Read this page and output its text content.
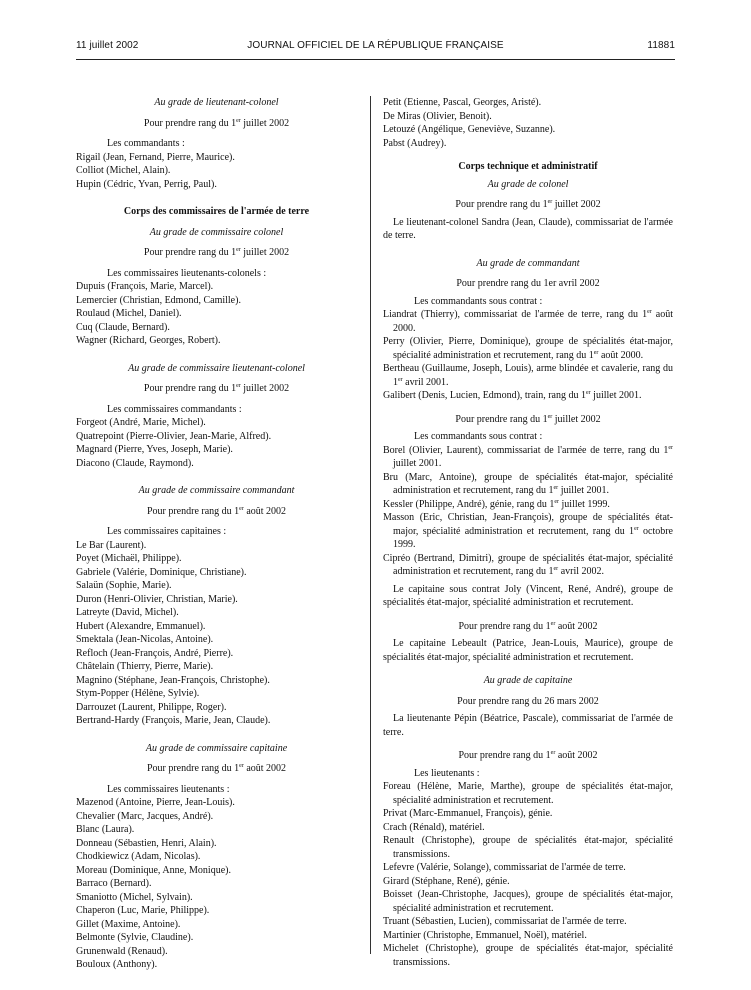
11 juillet 2002	JOURNAL OFFICIEL DE LA RÉPUBLIQUE FRANÇAISE	11881

Au grade de lieutenant-colonel

Pour prendre rang du 1er juillet 2002

Les commandants :

Rigail (Jean, Fernand, Pierre, Maurice).

Colliot (Michel, Alain).

Hupin (Cédric, Yvan, Perrig, Paul).

Corps des commissaires de l'armée de terre

Au grade de commissaire colonel

Pour prendre rang du 1er juillet 2002

Les commissaires lieutenants-colonels :

Dupuis (François, Marie, Marcel).

Lemercier (Christian, Edmond, Camille).

Roulaud (Michel, Daniel).

Cuq (Claude, Bernard).

Wagner (Richard, Georges, Robert).

Au grade de commissaire lieutenant-colonel

Pour prendre rang du 1er juillet 2002

Les commissaires commandants :

Forgeot (André, Marie, Michel).

Quatrepoint (Pierre-Olivier, Jean-Marie, Alfred).

Magnard (Pierre, Yves, Joseph, Marie).

Diacono (Claude, Raymond).

Au grade de commissaire commandant

Pour prendre rang du 1er août 2002

Les commissaires capitaines :

Le Bar (Laurent).

Poyet (Michaël, Philippe).

Gabriele (Valérie, Dominique, Christiane).

Salaün (Sophie, Marie).

Duron (Henri-Olivier, Christian, Marie).

Latreyte (David, Michel).

Hubert (Alexandre, Emmanuel).

Smektala (Jean-Nicolas, Antoine).

Refloch (Jean-François, André, Pierre).

Châtelain (Thierry, Pierre, Marie).

Magnino (Stéphane, Jean-François, Christophe).

Stym-Popper (Hélène, Sylvie).

Darrouzet (Laurent, Philippe, Roger).

Bertrand-Hardy (François, Marie, Jean, Claude).

Au grade de commissaire capitaine

Pour prendre rang du 1er août 2002

Les commissaires lieutenants :

Mazenod (Antoine, Pierre, Jean-Louis).

Chevalier (Marc, Jacques, André).

Blanc (Laura).

Donneau (Sébastien, Henri, Alain).

Chodkiewicz (Adam, Nicolas).

Moreau (Dominique, Anne, Monique).

Barraco (Bernard).

Smaniotto (Michel, Sylvain).

Chaperon (Luc, Marie, Philippe).

Gillet (Maxime, Antoine).

Belmonte (Sylvie, Claudine).

Grunenwald (Renaud).

Bouloux (Anthony).

Petit (Etienne, Pascal, Georges, Aristé).

De Miras (Olivier, Benoit).

Letouzé (Angélique, Geneviève, Suzanne).

Pabst (Audrey).

Corps technique et administratif

Au grade de colonel

Pour prendre rang du 1er juillet 2002

Le lieutenant-colonel Sandra (Jean, Claude), commissariat de l'armée de terre.

Au grade de commandant

Pour prendre rang du 1er avril 2002

Les commandants sous contrat :

Liandrat (Thierry), commissariat de l'armée de terre, rang du 1er août 2000.

Perry (Olivier, Pierre, Dominique), groupe de spécialités état-major, spécialité administration et recrutement, rang du 1er août 2000.

Bertheau (Guillaume, Joseph, Louis), arme blindée et cavalerie, rang du 1er avril 2001.

Galibert (Denis, Lucien, Edmond), train, rang du 1er juillet 2001.

Pour prendre rang du 1er juillet 2002

Les commandants sous contrat :

Borel (Olivier, Laurent), commissariat de l'armée de terre, rang du 1er juillet 2001.

Bru (Marc, Antoine), groupe de spécialités état-major, spécialité administration et recrutement, rang du 1er juillet 2001.

Kessler (Philippe, André), génie, rang du 1er juillet 1999.

Masson (Eric, Christian, Jean-François), groupe de spécialités état-major, spécialité administration et recrutement, rang du 1er octobre 1999.

Cipréo (Bertrand, Dimitri), groupe de spécialités état-major, spécialité administration et recrutement, rang du 1er avril 2002.

Le capitaine sous contrat Joly (Vincent, René, André), groupe de spécialités état-major, spécialité administration et recrutement.

Pour prendre rang du 1er août 2002

Le capitaine Lebeault (Patrice, Jean-Louis, Maurice), groupe de spécialités état-major, spécialité administration et recrutement.

Au grade de capitaine

Pour prendre rang du 26 mars 2002

La lieutenante Pépin (Béatrice, Pascale), commissariat de l'armée de terre.

Pour prendre rang du 1er août 2002

Les lieutenants :

Foreau (Hélène, Marie, Marthe), groupe de spécialités état-major, spécialité administration et recrutement.

Privat (Marc-Emmanuel, François), génie.

Crach (Rénald), matériel.

Renault (Christophe), groupe de spécialités état-major, spécialité transmissions.

Lefevre (Valérie, Solange), commissariat de l'armée de terre.

Girard (Stéphane, René), génie.

Boisset (Jean-Christophe, Jacques), groupe de spécialités état-major, spécialité administration et recrutement.

Truant (Sébastien, Lucien), commissariat de l'armée de terre.

Martinier (Christophe, Emmanuel, Noël), matériel.

Michelet (Christophe), groupe de spécialités état-major, spécialité transmissions.
